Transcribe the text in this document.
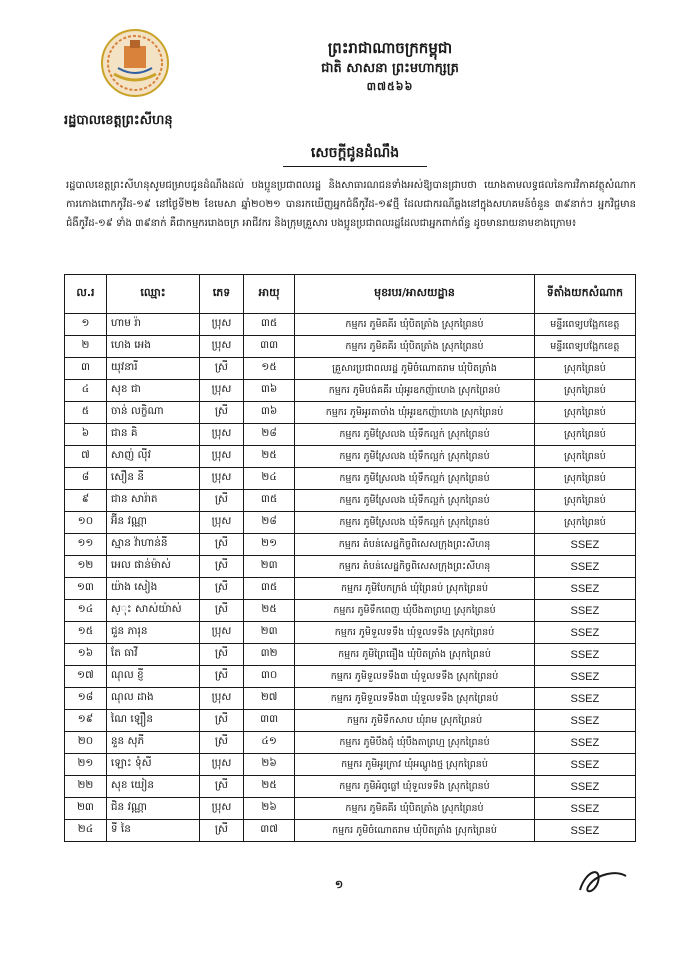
រដ្ឋបាលខេត្តព្រះសីហនុ
ព្រះរាជាណាចក្រកម្ពុជា
ជាតិ សាសនា ព្រះមហាក្សត្រ
៣៧៥៦៦
សេចក្តីជូនដំណឹង
រដ្ឋបាលខេត្តព្រះសីហនុសូមជម្រាបជូនដំណឹងដល់ បងប្អូនប្រជាពលរដ្ឋ និងសាធារណជនទាំងអស់ឱ្យបានជ្រាបថា យោងតាមលទ្ធផលនៃការវិភាគវត្ថុសំណាកការកោងពោកកូវីដ-១៩ នៅថ្ងៃទី២២ ខែមេសា ឆ្នាំ២០២១ បានរកឃើញអ្នកជំងឺកូវីដ-១៩ថ្មី ដែលជាករណីឆ្លងនៅក្នុងសហគមន៍ចំនួន ៣៩នាក់ៗ អ្នកវិជ្ជមានជំងឺកូវីដ-១៩ ទាំង ៣៩នាក់ គឺជាកម្មកររោងចក្រ អាជីវករ និងក្រុមគ្រួសារ បងប្អូនប្រជាពលរដ្ឋដែលជាអ្នកពាក់ព័ន្ធ ដូចមានរាយនាមខាងក្រោម៖
ល.រ	ឈ្មោះ	ភេទ	អាយុ	មុខរបរ/អាសយដ្ឋាន	ទីតាំងយកសំណាក
១	ហាម រ៉ា	ប្រុស	៣៥	កម្មករ ភូមិគគីរ ឃុំបិតត្រាំង ស្រុកព្រៃនប់	មន្ទីរពេទ្យបង្អែកខេត្ត
២	ហេង អេង	ប្រុស	៣៣	កម្មករ ភូមិគគីរ ឃុំបិតត្រាំង ស្រុកព្រៃនប់	មន្ទីរពេទ្យបង្អែកខេត្ត
៣	យុវនារី	ស្រី	១៥	គ្រួសារប្រជាពលរដ្ឋ ភូមិចំណោតរាម ឃុំបិតត្រាំង	ស្រុកព្រៃនប់
៤	សុខ ជា	ប្រុស	៣៦	កម្មករ ភូមិបង់គគីរ ឃុំអូរឧកញ៉ាហេង ស្រុកព្រៃនប់	ស្រុកព្រៃនប់
៥	ចាន់ លក្ខិណា	ស្រី	៣៦	កម្មករ ភូមិអូរតាចាំង ឃុំអូរឧកញ៉ាហេង ស្រុកព្រៃនប់	ស្រុកព្រៃនប់
៦	ជាន គិ	ប្រុស	២៨	កម្មករ ភូមិស្រែលង ឃុំទឹកល្អក់ ស្រុកព្រៃនប់	ស្រុកព្រៃនប់
៧	សាញ់ ល៉ីវ	ប្រុស	២៥	កម្មករ ភូមិស្រែលង ឃុំទឹកល្អក់ ស្រុកព្រៃនប់	ស្រុកព្រៃនប់
៨	សឿន នី	ប្រុស	២៤	កម្មករ ភូមិស្រែលង ឃុំទឹកល្អក់ ស្រុកព្រៃនប់	ស្រុកព្រៃនប់
៩	ជាន សារ៉ាត	ស្រី	៣៥	កម្មករ ភូមិស្រែលង ឃុំទឹកល្អក់ ស្រុកព្រៃនប់	ស្រុកព្រៃនប់
១០	អ៊ីន វណ្ណា	ប្រុស	២៨	កម្មករ ភូមិស្រែលង ឃុំទឹកល្អក់ ស្រុកព្រៃនប់	ស្រុកព្រៃនប់
១១	ស្មាន វ៉ាហាន់នី	ស្រី	២១	កម្មករ តំបន់សេដ្ឋកិច្ចពិសេសក្រុងព្រះសីហនុ	SSEZ
១២	អេល ផាន់ម៉ាស់	ស្រី	២៣	កម្មករ តំបន់សេដ្ឋកិច្ចពិសេសក្រុងព្រះសីហនុ	SSEZ
១៣	យ៉ាង សៀង	ស្រី	៣៥	កម្មករ ភូមិបែកក្រង់ ឃុំព្រៃនប់ ស្រុកព្រៃនប់	SSEZ
១៤	ស្ុះ សាស់យ៉ាស់	ស្រី	២៥	កម្មករ ភូមិទឹកពេញ ឃុំបឹងតាព្រហ្ម ស្រុកព្រៃនប់	SSEZ
១៥	ជួន ភារុន	ប្រុស	២៣	កម្មករ ភូមិទួលទទឹង ឃុំទួលទទឹង ស្រុកព្រៃនប់	SSEZ
១៦	តែ ធាវី	ស្រី	៣២	កម្មករ ភូមិព្រៃធឿង ឃុំបិតត្រាំង ស្រុកព្រៃនប់	SSEZ
១៧	ណុល ខ្ញី	ស្រី	៣០	កម្មករ ភូមិទួលទទឹង៣ ឃុំទួលទទឹង ស្រុកព្រៃនប់	SSEZ
១៨	ណុល ដាង	ប្រុស	២៧	កម្មករ ភូមិទួលទទឹង៣ ឃុំទួលទទឹង ស្រុកព្រៃនប់	SSEZ
១៩	ណៃ ឡឿន	ស្រី	៣៣	កម្មករ ភូមិទឹកសាប ឃុំរាម ស្រុកព្រៃនប់	SSEZ
២០	នួន សុភី	ស្រី	៤១	កម្មករ ភូមិបឹងជុំ ឃុំបឹងតាព្រហ្ម ស្រុកព្រៃនប់	SSEZ
២១	ឡោះ ទុំសី	ប្រុស	២៦	កម្មករ ភូមិអូរក្រាវ ឃុំអណ្តូងថ្ម ស្រុកព្រៃនប់	SSEZ
២២	សុខ យៀន	ស្រី	២៥	កម្មករ ភូមិអំពូធ្លៅ ឃុំទួលទទឹង ស្រុកព្រៃនប់	SSEZ
២៣	ជិន វណ្ណា	ប្រុស	២៦	កម្មករ ភូមិគគីរ ឃុំបិតត្រាំង ស្រុកព្រៃនប់	SSEZ
២៤	ទី នៃ	ស្រី	៣៧	កម្មករ ភូមិចំណោតរាម ឃុំបិតត្រាំង ស្រុកព្រៃនប់	SSEZ
១
